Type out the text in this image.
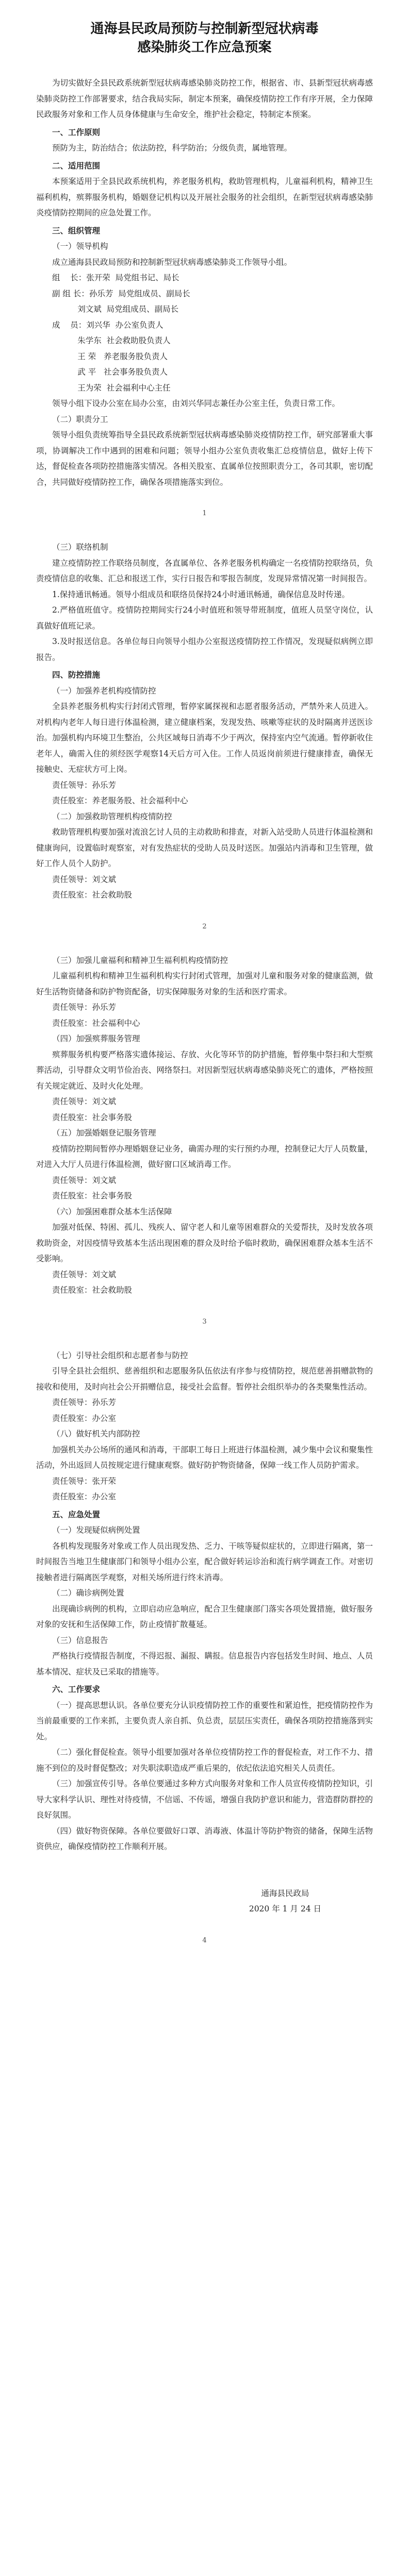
通海县民政局预防与控制新型冠状病毒
感染肺炎工作应急预案

为切实做好全县民政系统新型冠状病毒感染肺炎防控工作，根据省、市、县新型冠状病毒感染肺炎防控工作部署要求，结合我局实际，制定本预案，确保疫情防控工作有序开展，全力保障民政服务对象和工作人员身体健康与生命安全，维护社会稳定，特制定本预案。

一、工作原则

预防为主，防治结合；依法防控，科学防治；分级负责，属地管理。

二、适用范围

本预案适用于全县民政系统机构，养老服务机构，救助管理机构，儿童福利机构，精神卫生福利机构，殡葬服务机构，婚姻登记机构以及开展社会服务的社会组织，在新型冠状病毒感染肺炎疫情防控期间的应急处置工作。

三、组织管理

（一）领导机构

成立通海县民政局预防和控制新型冠状病毒感染肺炎工作领导小组。

组    长：张开荣  局党组书记、局长

副 组 长：孙乐芳  局党组成员、副局长

刘文斌  局党组成员、副局长

成    员：刘兴华  办公室负责人

朱学东  社会救助股负责人

王 荣   养老服务股负责人

武 平   社会事务股负责人

王为荣  社会福利中心主任

领导小组下设办公室在局办公室，由刘兴华同志兼任办公室主任，负责日常工作。

（二）职责分工

领导小组负责统筹指导全县民政系统新型冠状病毒感染肺炎疫情防控工作，研究部署重大事项，协调解决工作中遇到的困难和问题；领导小组办公室负责收集汇总疫情信息，做好上传下达，督促检查各项防控措施落实情况。各相关股室、直属单位按照职责分工，各司其职，密切配合，共同做好疫情防控工作，确保各项措施落实到位。

1

（三）联络机制

建立疫情防控工作联络员制度，各直属单位、各养老服务机构确定一名疫情防控联络员，负责疫情信息的收集、汇总和报送工作，实行日报告和零报告制度，发现异常情况第一时间报告。

1.保持通讯畅通。领导小组成员和联络员保持24小时通讯畅通，确保信息及时传递。

2.严格值班值守。疫情防控期间实行24小时值班和领导带班制度，值班人员坚守岗位，认真做好值班记录。

3.及时报送信息。各单位每日向领导小组办公室报送疫情防控工作情况，发现疑似病例立即报告。

四、防控措施

（一）加强养老机构疫情防控

全县养老服务机构实行封闭式管理，暂停家属探视和志愿者服务活动，严禁外来人员进入。对机构内老年人每日进行体温检测，建立健康档案，发现发热、咳嗽等症状的及时隔离并送医诊治。加强机构内环境卫生整治，公共区域每日消毒不少于两次，保持室内空气流通。暂停新收住老年人，确需入住的须经医学观察14天后方可入住。工作人员返岗前须进行健康排查，确保无接触史、无症状方可上岗。

责任领导：孙乐芳

责任股室：养老服务股、社会福利中心

（二）加强救助管理机构疫情防控

救助管理机构要加强对流浪乞讨人员的主动救助和排查，对新入站受助人员进行体温检测和健康询问，设置临时观察室，对有发热症状的受助人员及时送医。加强站内消毒和卫生管理，做好工作人员个人防护。

责任领导：刘文斌

责任股室：社会救助股

2

（三）加强儿童福利和精神卫生福利机构疫情防控

儿童福利机构和精神卫生福利机构实行封闭式管理，加强对儿童和服务对象的健康监测，做好生活物资储备和防护物资配备，切实保障服务对象的生活和医疗需求。

责任领导：孙乐芳

责任股室：社会福利中心

（四）加强殡葬服务管理

殡葬服务机构要严格落实遗体接运、存放、火化等环节的防护措施，暂停集中祭扫和大型殡葬活动，引导群众文明节俭治丧、网络祭扫。对因新型冠状病毒感染肺炎死亡的遗体，严格按照有关规定就近、及时火化处理。

责任领导：刘文斌

责任股室：社会事务股

（五）加强婚姻登记服务管理

疫情防控期间暂停办理婚姻登记业务，确需办理的实行预约办理，控制登记大厅人员数量，对进入大厅人员进行体温检测，做好窗口区域消毒工作。

责任领导：刘文斌

责任股室：社会事务股

（六）加强困难群众基本生活保障

加强对低保、特困、孤儿、残疾人、留守老人和儿童等困难群众的关爱帮扶，及时发放各项救助资金，对因疫情导致基本生活出现困难的群众及时给予临时救助，确保困难群众基本生活不受影响。

责任领导：刘文斌

责任股室：社会救助股

3

（七）引导社会组织和志愿者参与防控

引导全县社会组织、慈善组织和志愿服务队伍依法有序参与疫情防控，规范慈善捐赠款物的接收和使用，及时向社会公开捐赠信息，接受社会监督。暂停社会组织举办的各类聚集性活动。

责任领导：孙乐芳

责任股室：办公室

（八）做好机关内部防控

加强机关办公场所的通风和消毒，干部职工每日上班进行体温检测，减少集中会议和聚集性活动，外出返回人员按规定进行健康观察。做好防护物资储备，保障一线工作人员防护需求。

责任领导：张开荣

责任股室：办公室

五、应急处置

（一）发现疑似病例处置

各机构发现服务对象或工作人员出现发热、乏力、干咳等疑似症状的，立即进行隔离，第一时间报告当地卫生健康部门和领导小组办公室，配合做好转运诊治和流行病学调查工作。对密切接触者进行隔离医学观察，对相关场所进行终末消毒。

（二）确诊病例处置

出现确诊病例的机构，立即启动应急响应，配合卫生健康部门落实各项处置措施，做好服务对象的安抚和生活保障工作，防止疫情扩散蔓延。

（三）信息报告

严格执行疫情报告制度，不得迟报、漏报、瞒报。信息报告内容包括发生时间、地点、人员基本情况、症状及已采取的措施等。

六、工作要求

（一）提高思想认识。各单位要充分认识疫情防控工作的重要性和紧迫性，把疫情防控作为当前最重要的工作来抓，主要负责人亲自抓、负总责，层层压实责任，确保各项防控措施落到实处。

（二）强化督促检查。领导小组要加强对各单位疫情防控工作的督促检查，对工作不力、措施不到位的及时督促整改；对失职渎职造成严重后果的，依纪依法追究相关人员责任。

（三）加强宣传引导。各单位要通过多种方式向服务对象和工作人员宣传疫情防控知识，引导大家科学认识、理性对待疫情，不信谣、不传谣，增强自我防护意识和能力，营造群防群控的良好氛围。

（四）做好物资保障。各单位要做好口罩、消毒液、体温计等防护物资的储备，保障生活物资供应，确保疫情防控工作顺利开展。

通海县民政局

2020 年 1 月 24 日

4
